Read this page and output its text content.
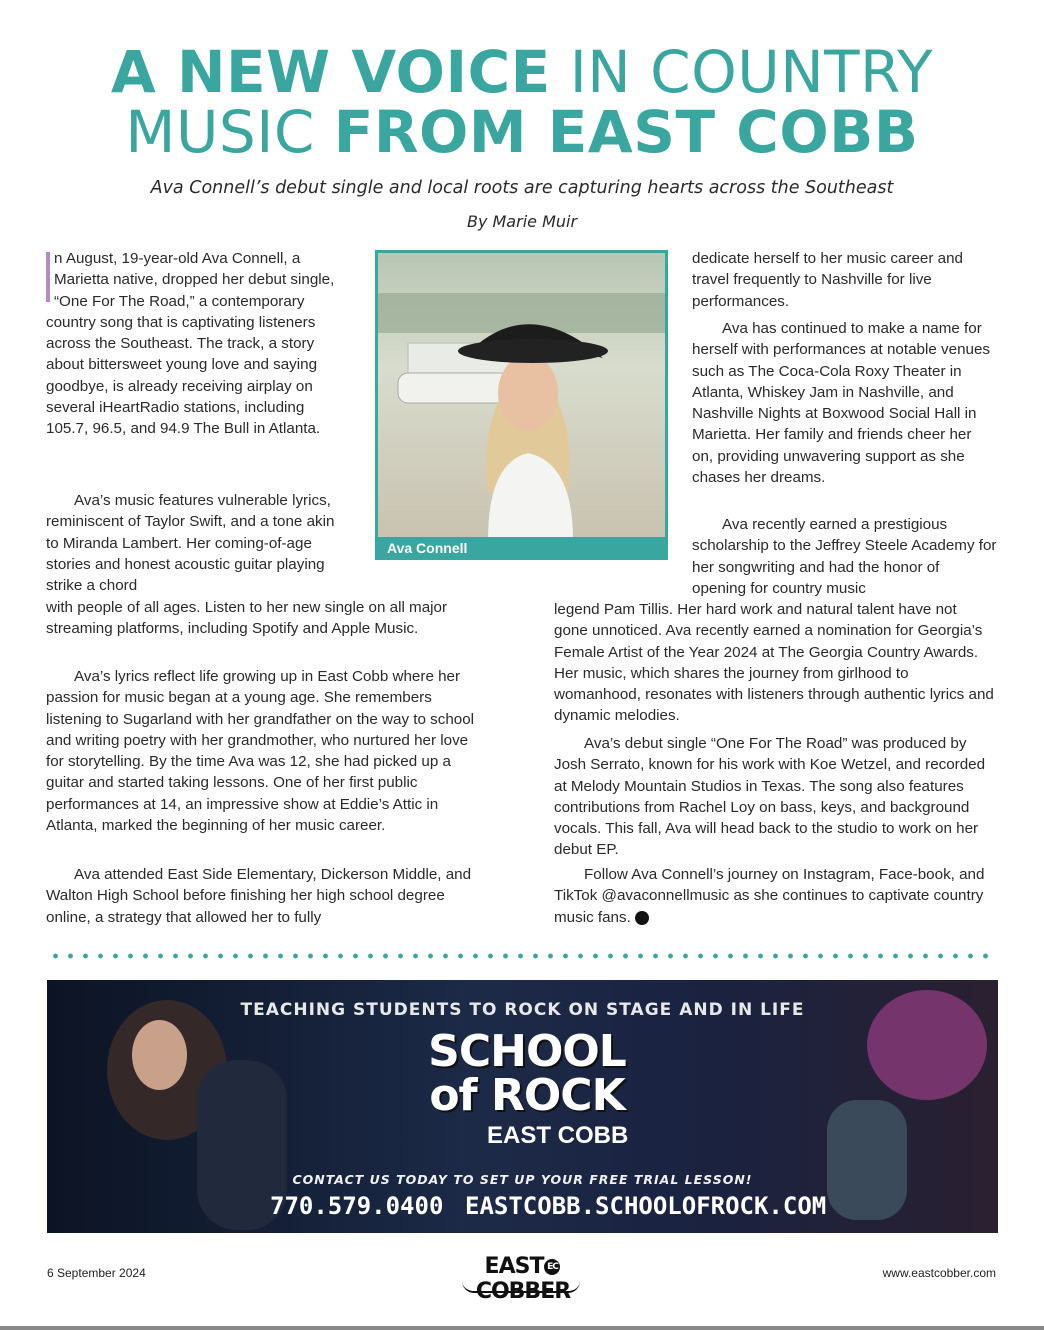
A NEW VOICE IN COUNTRY
MUSIC FROM EAST COBB
Ava Connell’s debut single and local roots are capturing hearts across the Southeast
By Marie Muir

n August, 19-year-old Ava Connell, a Marietta native, dropped her debut single, “One For The Road,” a contemporary country song that is captivating listeners across the Southeast. The track, a story about bittersweet young love and saying goodbye, is already receiving airplay on several iHeartRadio stations, including 105.7, 96.5, and 94.9 The Bull in Atlanta.

Ava’s music features vulnerable lyrics, reminiscent of Taylor Swift, and a tone akin to Miranda Lambert. Her coming-of-age stories and honest acoustic guitar playing strike a chord

with people of all ages. Listen to her new single on all major streaming platforms, including Spotify and Apple Music.

Ava’s lyrics reflect life growing up in East Cobb where her passion for music began at a young age. She remembers listening to Sugarland with her grandfather on the way to school and writing poetry with her grandmother, who nurtured her love for storytelling. By the time Ava was 12, she had picked up a guitar and started taking lessons. One of her first public performances at 14, an impressive show at Eddie’s Attic in Atlanta, marked the beginning of her music career.

Ava attended East Side Elementary, Dickerson Middle, and Walton High School before finishing her high school degree online, a strategy that allowed her to fully

Ava Connell

dedicate herself to her music career and travel frequently to Nashville for live performances.

Ava has continued to make a name for herself with performances at notable venues such as The Coca-Cola Roxy Theater in Atlanta, Whiskey Jam in Nashville, and Nashville Nights at Boxwood Social Hall in Marietta. Her family and friends cheer her on, providing unwavering support as she chases her dreams.

Ava recently earned a prestigious scholarship to the Jeffrey Steele Academy for her songwriting and had the honor of opening for country music

legend Pam Tillis. Her hard work and natural talent have not gone unnoticed. Ava recently earned a nomination for Georgia’s Female Artist of the Year 2024 at The Georgia Country Awards. Her music, which shares the journey from girlhood to womanhood, resonates with listeners through authentic lyrics and dynamic melodies.

Ava’s debut single “One For The Road” was produced by Josh Serrato, known for his work with Koe Wetzel, and recorded at Melody Mountain Studios in Texas. The song also features contributions from Rachel Loy on bass, keys, and background vocals. This fall, Ava will head back to the studio to work on her debut EP.

Follow Ava Connell’s journey on Instagram, Face-book, and TikTok @avaconnellmusic as she continues to captivate country music fans.	EC

TEACHING STUDENTS TO ROCK ON STAGE AND IN LIFE
SCHOOL
of ROCK
EAST COBB
CONTACT US TODAY TO SET UP YOUR FREE TRIAL LESSON!
770.579.0400 EASTCOBB.SCHOOLOFROCK.COM
6 September 2024	EAST ECCOBBER
www.eastcobber.com
